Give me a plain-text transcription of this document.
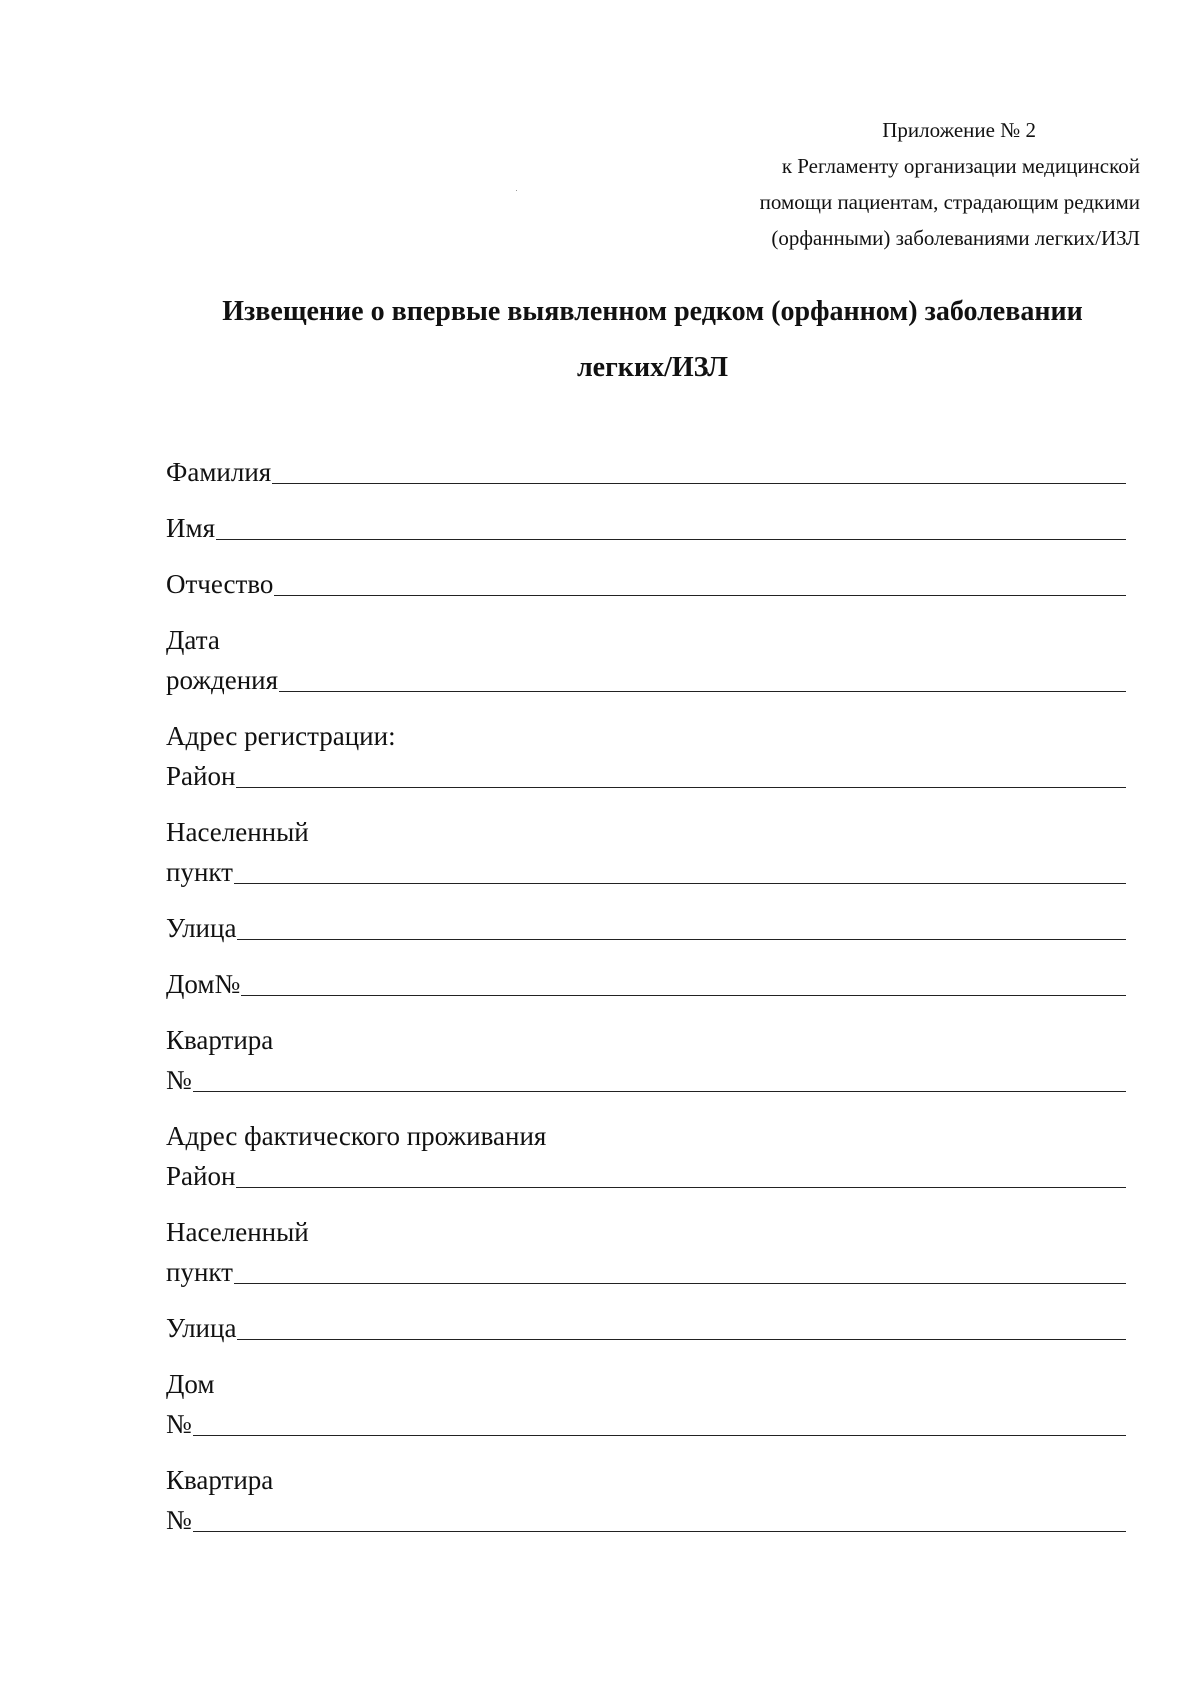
Приложение № 2
к Регламенту организации медицинской
помощи пациентам, страдающим редкими
(орфанными) заболеваниями легких/ИЗЛ
Извещение о впервые выявленном редком (орфанном) заболевании
легких/ИЗЛ
Фамилия
Имя
Отчество
Дата
рождения
Адрес регистрации:
Район
Населенный
пункт
Улица
Дом№
Квартира
№
Адрес фактического проживания
Район
Населенный
пункт
Улица
Дом
№
Квартира
№
